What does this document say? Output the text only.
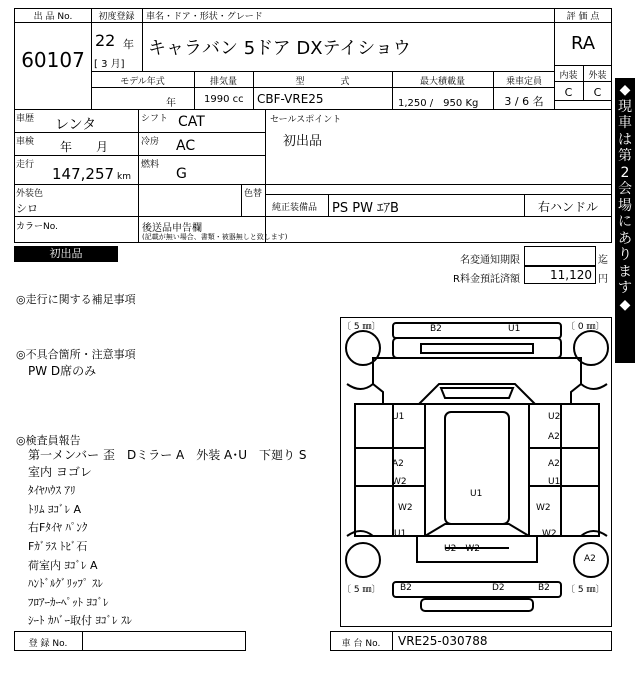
出 品 No.
60107
初度登録
22 年
[ 3 月]
車名・ドア・形状・グレード
キャラバン 5ドア DXテイショウ
評 価 点
RA
内装	外装
C	C
モデル年式
年
排気量
1990 cc
型　　　　式
CBF-VRE25
最大積載量
1,250 /　950 Kg
乗車定員
3 / 6 名
車歴 レンタ	シフト CAT
車検 年　　月	冷房 AC
走行 147,257 km
燃料
G
セールスポイント
初出品
外装色
シロ
色替
純正装備品 PS PW ｴｱB	右ハンドル
カラーNo.	後送品申告欄
(記載が無い場合、書類・被器無しと致します)
◆
現
車
は
第
2
会
場
に
あ
り
ま
す
◆
初出品
名変通知期限	迄
R料金預託済額	11,120 円
◎走行に関する補足事項
◎不具合箇所・注意事項
PW D席のみ
◎検査員報告
第一メンバー 歪　Dミラー A　外装 A･U　下廻り S
室内 ヨゴレ
ﾀｲﾔﾊｳｽ ｱﾘ
ﾄﾘﾑ ﾖｺﾞﾚ A
右Fﾀｲﾔ ﾊﾟﾝｸ
Fｶﾞﾗｽ ﾄﾋﾞ石
荷室内 ﾖｺﾞﾚ A
ﾊﾝﾄﾞﾙｸﾞﾘｯﾌﾟ ｽﾚ
ﾌﾛｱｰｶｰﾍﾟｯﾄ ﾖｺﾞﾚ
ｼｰﾄ ｶﾊﾞｰ取付 ﾖｺﾞﾚ ｽﾚ
〔 5 ㎜〕	〔 0 ㎜〕
〔 5 ㎜〕	〔 5 ㎜〕
B2	U1
U1	U2
A2
A2
W2
A2
U1
U1
W2
U1
W2
W2
U2　W2
A2
B2	D2	B2
登 録 No.	車 台 No.	VRE25-030788
